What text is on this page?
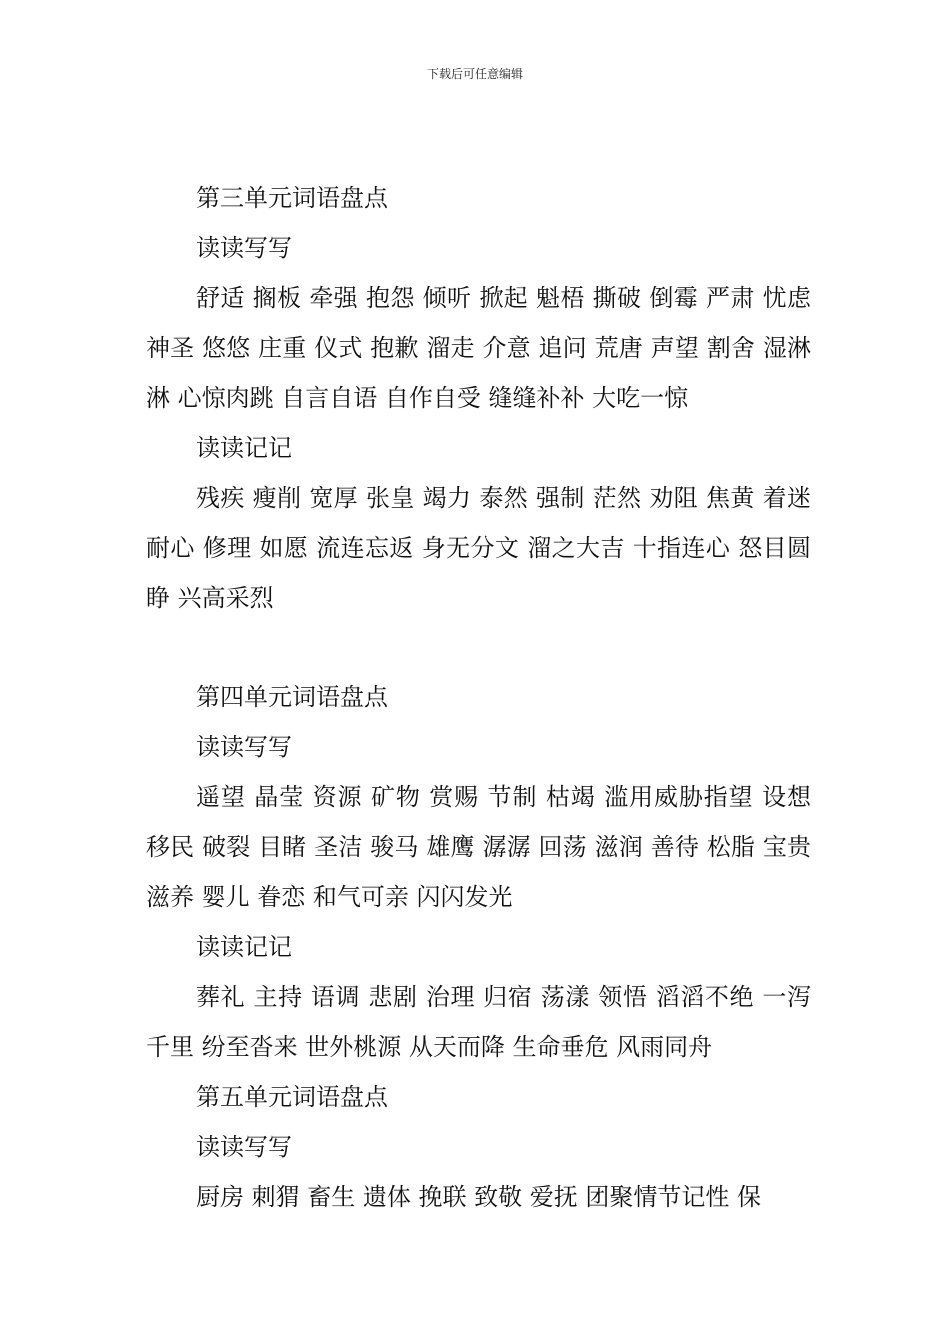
下载后可任意编辑
第三单元词语盘点
读读写写
舒适 搁板 牵强 抱怨 倾听 掀起 魁梧 撕破 倒霉 严肃 忧虑 神圣 悠悠 庄重 仪式 抱歉 溜走 介意 追问 荒唐 声望 割舍 湿淋淋 心惊肉跳 自言自语 自作自受 缝缝补补 大吃一惊
读读记记
残疾 瘦削 宽厚 张皇 竭力 泰然 强制 茫然 劝阻 焦黄 着迷 耐心 修理 如愿 流连忘返 身无分文 溜之大吉 十指连心 怒目圆睁 兴高采烈
第四单元词语盘点
读读写写
遥望 晶莹 资源 矿物 赏赐 节制 枯竭 滥用威胁指望 设想 移民 破裂 目睹 圣洁 骏马 雄鹰 潺潺 回荡 滋润 善待 松脂 宝贵 滋养 婴儿 眷恋 和气可亲 闪闪发光
读读记记
葬礼 主持 语调 悲剧 治理 归宿 荡漾 领悟 滔滔不绝 一泻千里 纷至沓来 世外桃源 从天而降 生命垂危 风雨同舟
第五单元词语盘点
读读写写
厨房 刺猬 畜生 遗体 挽联 致敬 爱抚 团聚情节记性 保
